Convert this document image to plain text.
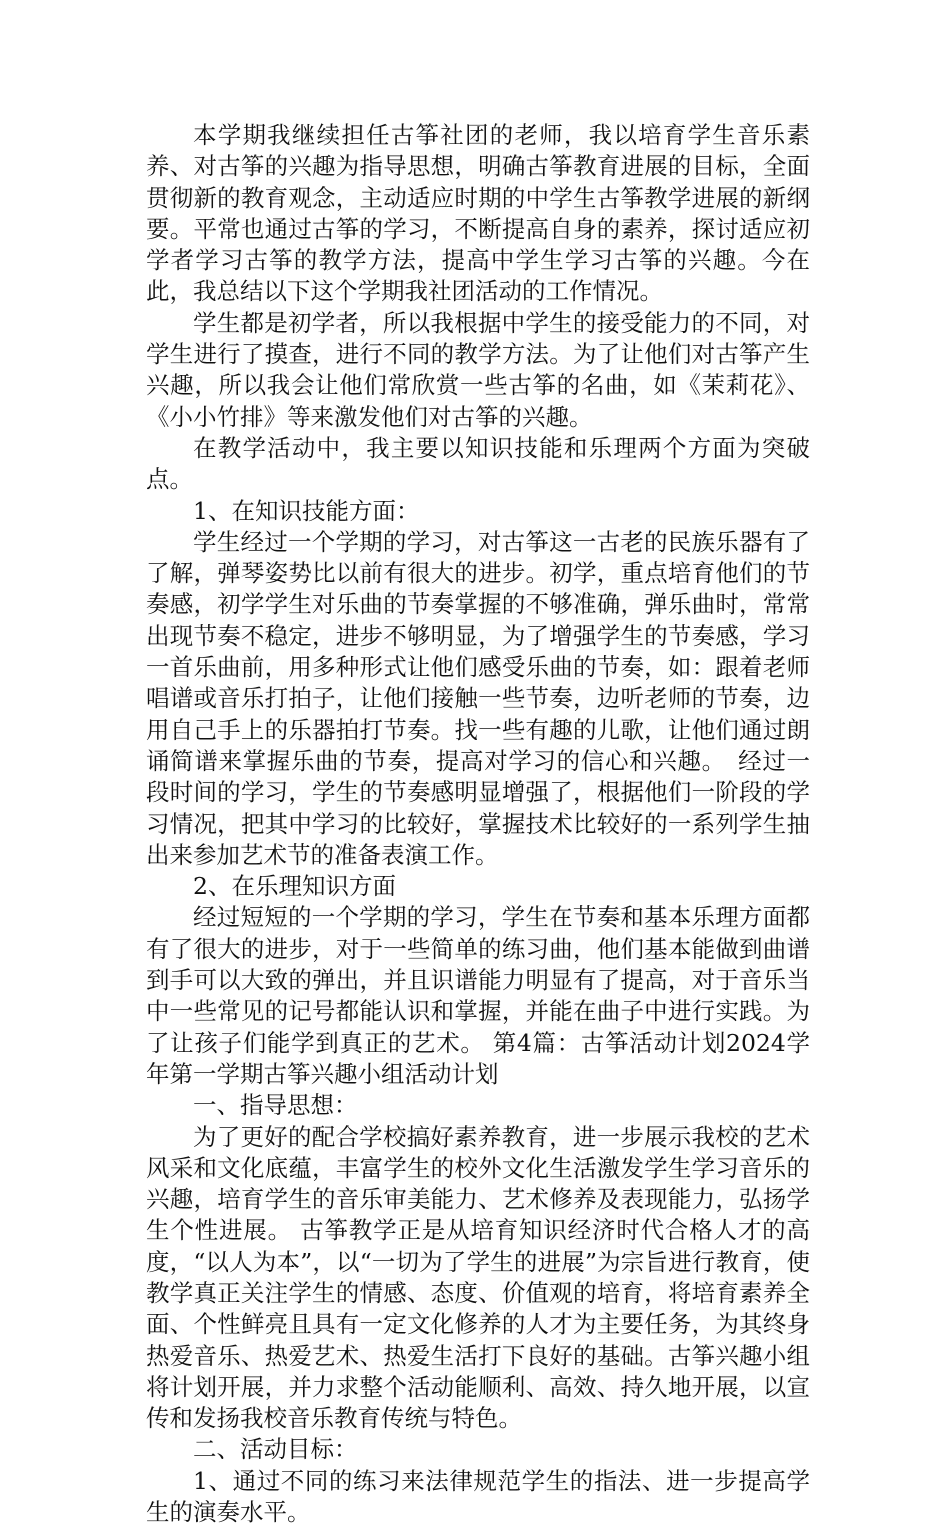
本学期我继续担任古筝社团的老师，我以培育学生音乐素养、对古筝的兴趣为指导思想，明确古筝教育进展的目标，全面贯彻新的教育观念，主动适应时期的中学生古筝教学进展的新纲要。平常也通过古筝的学习，不断提高自身的素养，探讨适应初学者学习古筝的教学方法，提高中学生学习古筝的兴趣。今在此，我总结以下这个学期我社团活动的工作情况。

学生都是初学者，所以我根据中学生的接受能力的不同，对学生进行了摸查，进行不同的教学方法。为了让他们对古筝产生兴趣，所以我会让他们常欣赏一些古筝的名曲，如《茉莉花》、《小小竹排》等来激发他们对古筝的兴趣。

在教学活动中，我主要以知识技能和乐理两个方面为突破点。

1、在知识技能方面：

学生经过一个学期的学习，对古筝这一古老的民族乐器有了了解，弹琴姿势比以前有很大的进步。初学，重点培育他们的节奏感，初学学生对乐曲的节奏掌握的不够准确，弹乐曲时，常常出现节奏不稳定，进步不够明显，为了增强学生的节奏感，学习一首乐曲前，用多种形式让他们感受乐曲的节奏，如：跟着老师唱谱或音乐打拍子，让他们接触一些节奏，边听老师的节奏，边用自己手上的乐器拍打节奏。找一些有趣的儿歌，让他们通过朗诵简谱来掌握乐曲的节奏，提高对学习的信心和兴趣。　经过一段时间的学习，学生的节奏感明显增强了，根据他们一阶段的学习情况，把其中学习的比较好，掌握技术比较好的一系列学生抽出来参加艺术节的准备表演工作。

2、在乐理知识方面

经过短短的一个学期的学习，学生在节奏和基本乐理方面都有了很大的进步，对于一些简单的练习曲，他们基本能做到曲谱到手可以大致的弹出，并且识谱能力明显有了提高，对于音乐当中一些常见的记号都能认识和掌握，并能在曲子中进行实践。为了让孩子们能学到真正的艺术。 第4篇：古筝活动计划2024学年第一学期古筝兴趣小组活动计划

一、指导思想：

为了更好的配合学校搞好素养教育，进一步展示我校的艺术风采和文化底蕴，丰富学生的校外文化生活激发学生学习音乐的兴趣，培育学生的音乐审美能力、艺术修养及表现能力，弘扬学生个性进展。 古筝教学正是从培育知识经济时代合格人才的高度，“以人为本”，以“一切为了学生的进展”为宗旨进行教育，使教学真正关注学生的情感、态度、价值观的培育，将培育素养全面、个性鲜亮且具有一定文化修养的人才为主要任务，为其终身热爱音乐、热爱艺术、热爱生活打下良好的基础。古筝兴趣小组将计划开展，并力求整个活动能顺利、高效、持久地开展，以宣传和发扬我校音乐教育传统与特色。

二、活动目标：

1、通过不同的练习来法律规范学生的指法、进一步提高学生的演奏水平。
